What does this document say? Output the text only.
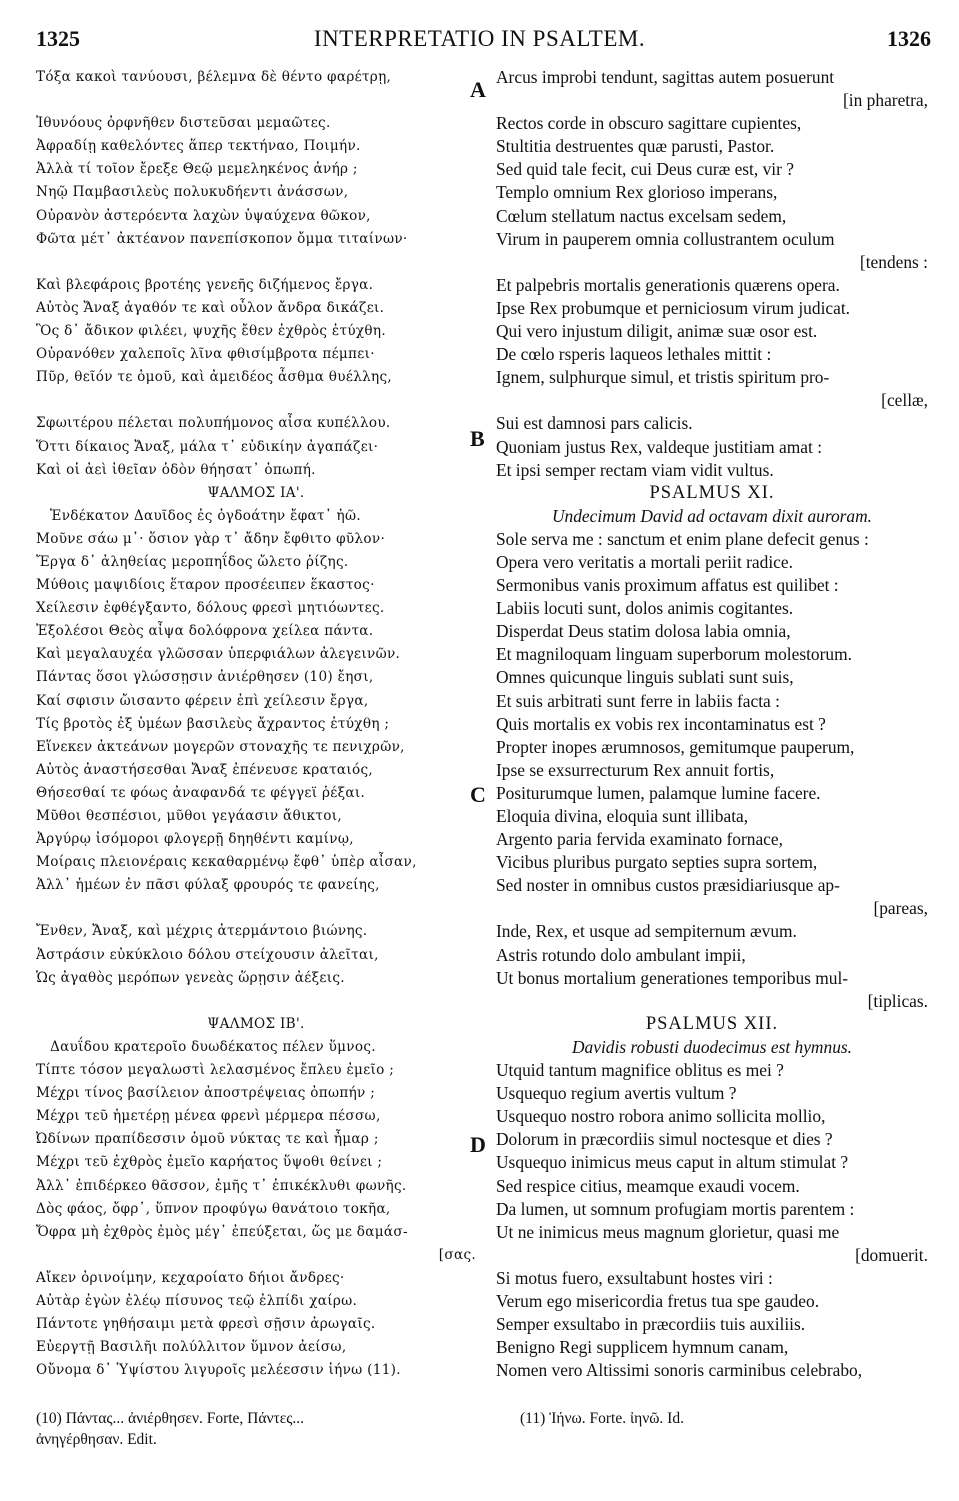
1325	INTERPRETATIO IN PSALTEM.	1326
A
B
C
D
Τόξα κακοὶ τανύουσι, βέλεμνα δὲ θέντο φαρέτρῃ,
Ἰθυνόους ὀρφνῆθεν διστεῦσαι μεμαῶτες.
Ἀφραδίῃ καθελόντες ἅπερ τεκτήναο, Ποιμήν.
Ἀλλὰ τί τοῖον ἔρεξε Θεῷ μεμεληκένος ἀνήρ ;
Νηῷ Παμβασιλεὺς πολυκυδήεντι ἀνάσσων,
Οὐρανὸν ἀστερόεντα λαχὼν ὑψαύχενα θῶκον,
Φῶτα μέτ᾽ ἀκτέανον πανεπίσκοπον ὄμμα τιταίνων·
Καὶ βλεφάροις βροτέης γενεῆς διζήμενος ἔργα.
Αὐτὸς Ἄναξ ἀγαθόν τε καὶ οὖλον ἄνδρα δικάζει.
Ὃς δ᾽ ἄδικον φιλέει, ψυχῆς ἔθεν ἐχθρὸς ἐτύχθη.
Οὐρανόθεν χαλεποῖς λῖνα φθισίμβροτα πέμπει·
Πῦρ, θεῖόν τε ὁμοῦ, καὶ ἀμειδέος ἆσθμα θυέλλης,
Σφωιτέρου πέλεται πολυπήμονος αἶσα κυπέλλου.
Ὅττι δίκαιος Ἄναξ, μάλα τ᾽ εὐδικίην ἀγαπάζει·
Καὶ οἱ ἀεὶ ἰθεῖαν ὁδὸν θήησατ᾽ ὀπωπή.
ΨΑΛΜΟΣ ΙΑ'.
Ἑνδέκατον Δαυῖδος ἐς ὀγδοάτην ἔφατ᾽ ἠῶ.
Μοῦνε σάω μ᾽· ὅσιον γὰρ τ᾽ ἄδην ἔφθιτο φῦλον·
Ἔργα δ᾽ ἀληθείας μεροπηΐδος ὤλετο ῥίζης.
Μύθοις μαψιδίοις ἕταρον προσέειπεν ἕκαστος·
Χείλεσιν ἐφθέγξαντο, δόλους φρεσὶ μητιόωντες.
Ἐξολέσοι Θεὸς αἶψα δολόφρονα χείλεα πάντα.
Καὶ μεγαλαυχέα γλῶσσαν ὑπερφιάλων ἀλεγεινῶν.
Πάντας ὅσοι γλώσσῃσιν ἀνιέρθησεν (10) ἔησι,
Καί σφισιν ὤισαντο φέρειν ἐπὶ χείλεσιν ἔργα,
Τίς βροτὸς ἐξ ὑμέων βασιλεὺς ἄχραντος ἐτύχθη ;
Εἵνεκεν ἀκτεάνων μογερῶν στοναχῆς τε πενιχρῶν,
Αὐτὸς ἀναστήσεσθαι Ἄναξ ἐπένευσε κραταιός,
Θήσεσθαί τε φόως ἀναφανδά τε φέγγεϊ ῥέξαι.
Μῦθοι θεσπέσιοι, μῦθοι γεγάασιν ἄθικτοι,
Ἀργύρῳ ἰσόμοροι φλογερῇ δηηθέντι καμίνῳ,
Μοίραις πλειονέραις κεκαθαρμένῳ ἔφθ᾽ ὑπὲρ αἶσαν,
Ἀλλ᾽ ἡμέων ἐν πᾶσι φύλαξ φρουρός τε φανείης,
Ἔνθεν, Ἄναξ, καὶ μέχρις ἀτερμάντοιο βιώνης.
Ἀστράσιν εὐκύκλοιο δόλου στείχουσιν ἀλεῖται,
Ὡς ἀγαθὸς μερόπων γενεὰς ὥρῃσιν ἀέξεις.
ΨΑΛΜΟΣ ΙΒ'.
Δαυΐδου κρατεροῖο δυωδέκατος πέλεν ὕμνος.
Τίπτε τόσον μεγαλωστὶ λελασμένος ἔπλευ ἐμεῖο ;
Μέχρι τίνος βασίλειον ἀποστρέψειας ὀπωπήν ;
Μέχρι τεῦ ἡμετέρῃ μένεα φρενὶ μέρμερα πέσσω,
Ὠδίνων πραπίδεσσιν ὁμοῦ νύκτας τε καὶ ἦμαρ ;
Μέχρι τεῦ ἐχθρὸς ἐμεῖο καρήατος ὕψοθι θείνει ;
Ἀλλ᾽ ἐπιδέρκεο θᾶσσον, ἐμῆς τ᾽ ἐπικέκλυθι φωνῆς.
Δὸς φάος, ὄφρ᾽, ὕπνον προφύγω θανάτοιο τοκῆα,
Ὄφρα μὴ ἐχθρὸς ἐμὸς μέγ᾽ ἐπεύξεται, ὥς με δαμάσ-
[σας.
Αἴκεν ὀρινοίμην, κεχαροίατο δήιοι ἄνδρες·
Αὐτὰρ ἐγὼν ἐλέῳ πίσυνος τεῷ ἐλπίδι χαίρω.
Πάντοτε γηθήσαιμι μετὰ φρεσὶ σῇσιν ἀρωγαῖς.
Εὐεργτῇ Βασιλῆι πολύλλιτον ὕμνον ἀείσω,
Οὔνομα δ᾽ Ὑψίστου λιγυροῖς μελέεσσιν ἰήνω (11).
Arcus improbi tendunt, sagittas autem posuerunt
[in pharetra,
Rectos corde in obscuro sagittare cupientes,
Stultitia destruentes quæ parusti, Pastor.
Sed quid tale fecit, cui Deus curæ est, vir ?
Templo omnium Rex glorioso imperans,
Cœlum stellatum nactus excelsam sedem,
Virum in pauperem omnia collustrantem oculum
[tendens :
Et palpebris mortalis generationis quærens opera.
Ipse Rex probumque et perniciosum virum judicat.
Qui vero injustum diligit, animæ suæ osor est.
De cœlo rsperis laqueos lethales mittit :
Ignem, sulphurque simul, et tristis spiritum pro-
[cellæ,
Sui est damnosi pars calicis.
Quoniam justus Rex, valdeque justitiam amat :
Et ipsi semper rectam viam vidit vultus.
PSALMUS XI.
Undecimum David ad octavam dixit auroram.
Sole serva me : sanctum et enim plane defecit genus :
Opera vero veritatis a mortali periit radice.
Sermonibus vanis proximum affatus est quilibet :
Labiis locuti sunt, dolos animis cogitantes.
Disperdat Deus statim dolosa labia omnia,
Et magniloquam linguam superborum molestorum.
Omnes quicunque linguis sublati sunt suis,
Et suis arbitrati sunt ferre in labiis facta :
Quis mortalis ex vobis rex incontaminatus est ?
Propter inopes ærumnosos, gemitumque pauperum,
Ipse se exsurrecturum Rex annuit fortis,
Positurumque lumen, palamque lumine facere.
Eloquia divina, eloquia sunt illibata,
Argento paria fervida examinato fornace,
Vicibus pluribus purgato septies supra sortem,
Sed noster in omnibus custos præsidiariusque ap-
[pareas,
Inde, Rex, et usque ad sempiternum ævum.
Astris rotundo dolo ambulant impii,
Ut bonus mortalium generationes temporibus mul-
[tiplicas.
PSALMUS XII.
Davidis robusti duodecimus est hymnus.
Utquid tantum magnifice oblitus es mei ?
Usquequo regium avertis vultum ?
Usquequo nostro robora animo sollicita mollio,
Dolorum in præcordiis simul noctesque et dies ?
Usquequo inimicus meus caput in altum stimulat ?
Sed respice citius, meamque exaudi vocem.
Da lumen, ut somnum profugiam mortis parentem :
Ut ne inimicus meus magnum glorietur, quasi me
[domuerit.
Si motus fuero, exsultabunt hostes viri :
Verum ego misericordia fretus tua spe gaudeo.
Semper exsultabo in præcordiis tuis auxiliis.
Benigno Regi supplicem hymnum canam,
Nomen vero Altissimi sonoris carminibus celebrabo,
(10) Πάντας... ἀνιέρθησεν. Forte, Πάντες...
ἀνηγέρθησαν. Edit.
(11) Ἰήνω. Forte. ἰηνῶ. Id.
